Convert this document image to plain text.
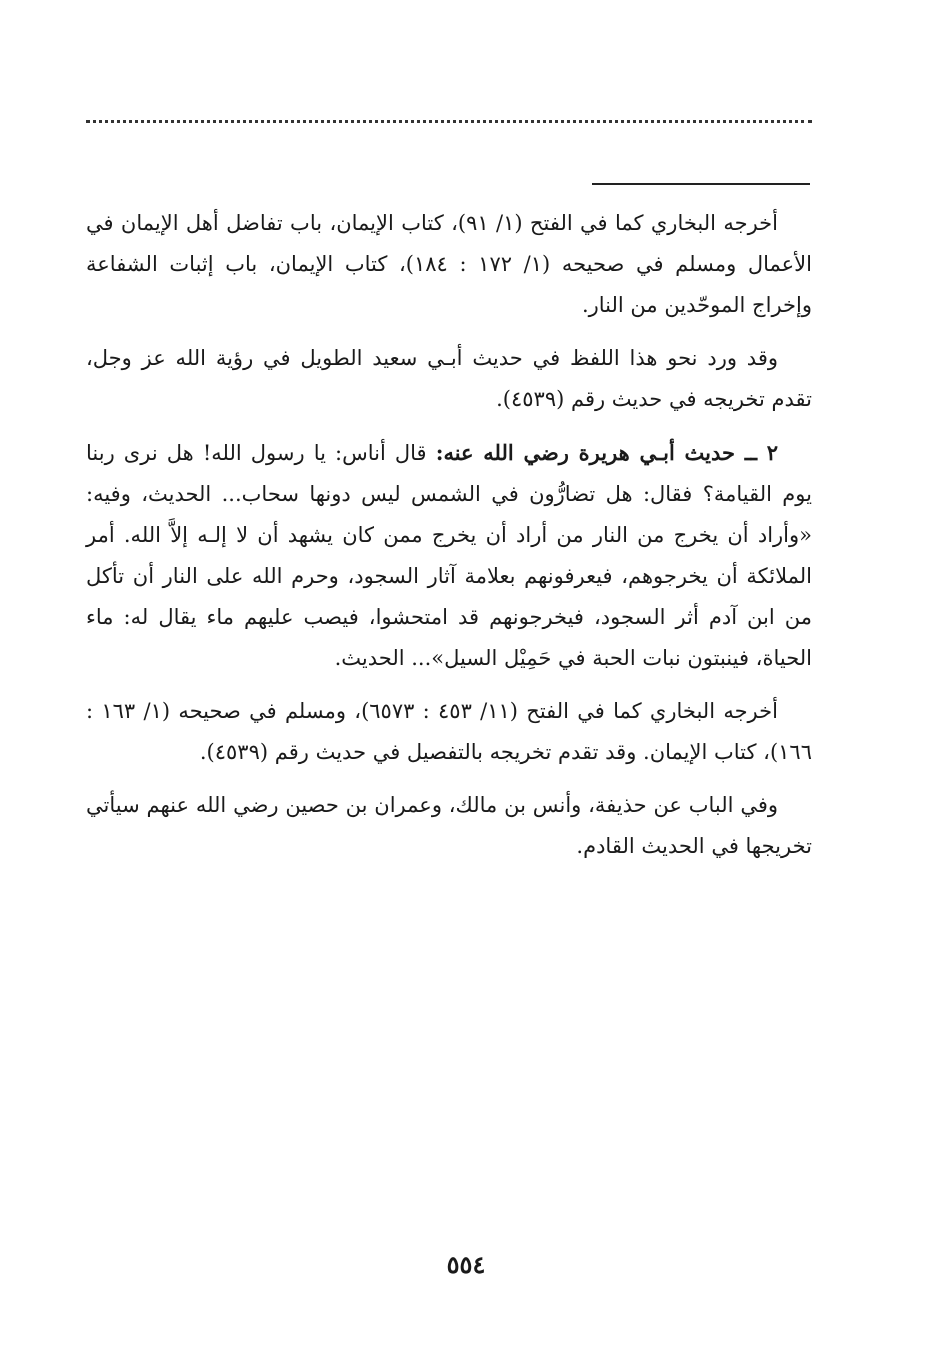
أخرجه البخاري كما في الفتح (١/ ٩١)، كتاب الإيمان، باب تفاضل أهل الإيمان في الأعمال ومسلم في صحيحه (١/ ١٧٢ : ١٨٤)، كتاب الإيمان، باب إثبات الشفاعة وإخراج الموحّدين من النار.

وقد ورد نحو هذا اللفظ في حديث أبـي سعيد الطويل في رؤية الله عز وجل، تقدم تخريجه في حديث رقم (٤٥٣٩).

٢ ــ حديث أبـي هريرة رضي الله عنه: قال أناس: يا رسول الله! هل نرى ربنا يوم القيامة؟ فقال: هل تضارُّون في الشمس ليس دونها سحاب... الحديث، وفيه: «وأراد أن يخرج من النار من أراد أن يخرج ممن كان يشهد أن لا إلـه إلاَّ الله. أمر الملائكة أن يخرجوهم، فيعرفونهم بعلامة آثار السجود، وحرم الله على النار أن تأكل من ابن آدم أثر السجود، فيخرجونهم قد امتحشوا، فيصب عليهم ماء يقال له: ماء الحياة، فينبتون نبات الحبة في حَمِيْل السيل»... الحديث.

أخرجه البخاري كما في الفتح (١١/ ٤٥٣ : ٦٥٧٣)، ومسلم في صحيحه (١/ ١٦٣ : ١٦٦)، كتاب الإيمان. وقد تقدم تخريجه بالتفصيل في حديث رقم (٤٥٣٩).

وفي الباب عن حذيفة، وأنس بن مالك، وعمران بن حصين رضي الله عنهم سيأتي تخريجها في الحديث القادم.

٥٥٤
